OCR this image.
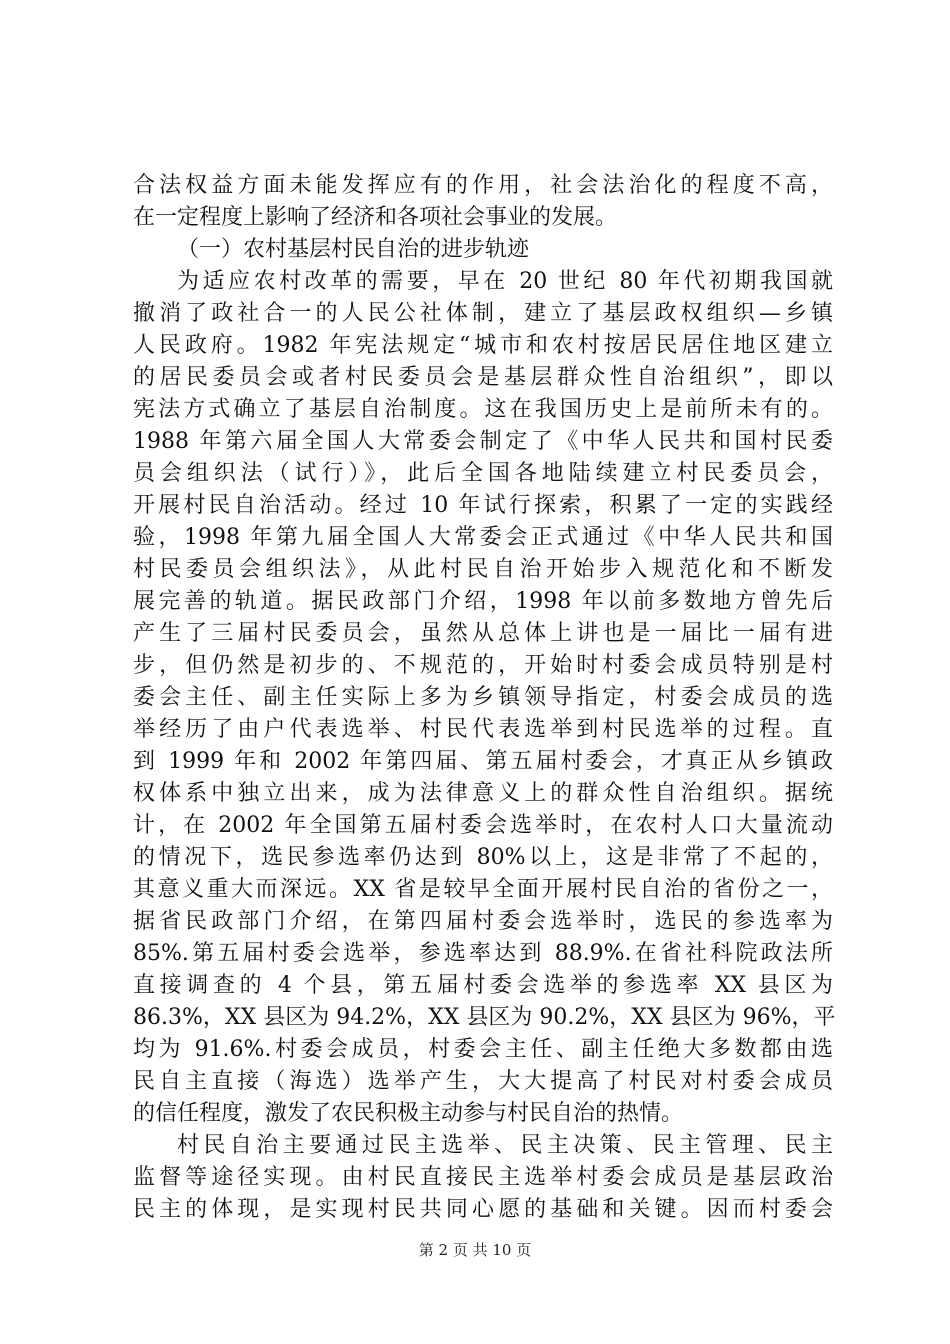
合法权益方面未能发挥应有的作用，社会法治化的程度不高，
在一定程度上影响了经济和各项社会事业的发展。
（一）农村基层村民自治的进步轨迹
为适应农村改革的需要，早在 20 世纪 80 年代初期我国就
撤消了政社合一的人民公社体制，建立了基层政权组织—乡镇
人民政府。1982 年宪法规定“城市和农村按居民居住地区建立
的居民委员会或者村民委员会是基层群众性自治组织”，即以
宪法方式确立了基层自治制度。这在我国历史上是前所未有的。
1988 年第六届全国人大常委会制定了《中华人民共和国村民委
员会组织法（试行）》，此后全国各地陆续建立村民委员会，
开展村民自治活动。经过 10 年试行探索，积累了一定的实践经
验，1998 年第九届全国人大常委会正式通过《中华人民共和国
村民委员会组织法》，从此村民自治开始步入规范化和不断发
展完善的轨道。据民政部门介绍，1998 年以前多数地方曾先后
产生了三届村民委员会，虽然从总体上讲也是一届比一届有进
步，但仍然是初步的、不规范的，开始时村委会成员特别是村
委会主任、副主任实际上多为乡镇领导指定，村委会成员的选
举经历了由户代表选举、村民代表选举到村民选举的过程。直
到 1999 年和 2002 年第四届、第五届村委会，才真正从乡镇政
权体系中独立出来，成为法律意义上的群众性自治组织。据统
计，在 2002 年全国第五届村委会选举时，在农村人口大量流动
的情况下，选民参选率仍达到 80%以上，这是非常了不起的，
其意义重大而深远。XX 省是较早全面开展村民自治的省份之一，
据省民政部门介绍，在第四届村委会选举时，选民的参选率为
85%.第五届村委会选举，参选率达到 88.9%.在省社科院政法所
直接调查的 4 个县，第五届村委会选举的参选率 XX 县区为
86.3%，XX 县区为 94.2%，XX 县区为 90.2%，XX 县区为 96%，平
均为 91.6%.村委会成员，村委会主任、副主任绝大多数都由选
民自主直接（海选）选举产生，大大提高了村民对村委会成员
的信任程度，激发了农民积极主动参与村民自治的热情。
村民自治主要通过民主选举、民主决策、民主管理、民主
监督等途径实现。由村民直接民主选举村委会成员是基层政治
民主的体现，是实现村民共同心愿的基础和关键。因而村委会
第 2 页 共 10 页
